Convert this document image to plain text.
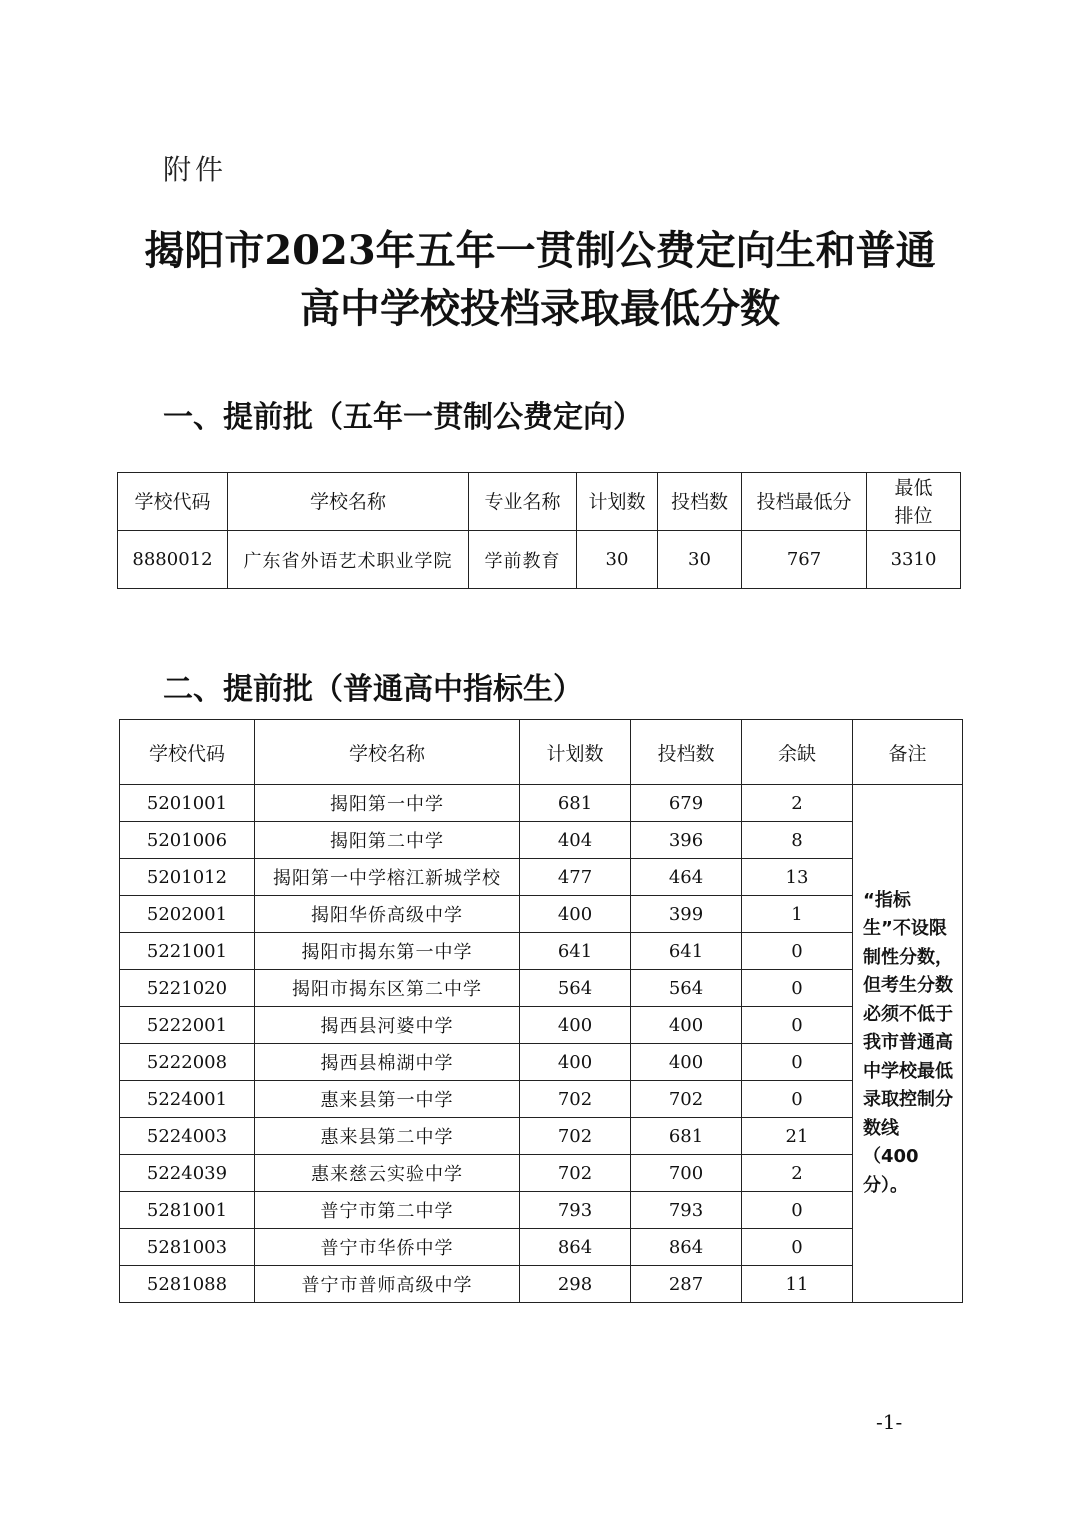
附件
揭阳市2023年五年一贯制公费定向生和普通
高中学校投档录取最低分数
一、提前批（五年一贯制公费定向）
学校代码	学校名称	专业名称	计划数	投档数	投档最低分	最低
排位

8880012	广东省外语艺术职业学院	学前教育	30	30	767	3310
二、提前批（普通高中指标生）
学校代码	学校名称	计划数	投档数	余缺	备注
5201001	揭阳第一中学	681	679	2	“指标生”不设限制性分数，但考生分数必须不低于我市普通高中学校最低录取控制分数线（400分）。
5201006	揭阳第二中学	404	396	8	
5201012	揭阳第一中学榕江新城学校	477	464	13	
5202001	揭阳华侨高级中学	400	399	1	
5221001	揭阳市揭东第一中学	641	641	0	
5221020	揭阳市揭东区第二中学	564	564	0	
5222001	揭西县河婆中学	400	400	0	
5222008	揭西县棉湖中学	400	400	0	
5224001	惠来县第一中学	702	702	0	
5224003	惠来县第二中学	702	681	21	
5224039	惠来慈云实验中学	702	700	2	
5281001	普宁市第二中学	793	793	0	
5281003	普宁市华侨中学	864	864	0	
5281088	普宁市普师高级中学	298	287	11	
-1-
